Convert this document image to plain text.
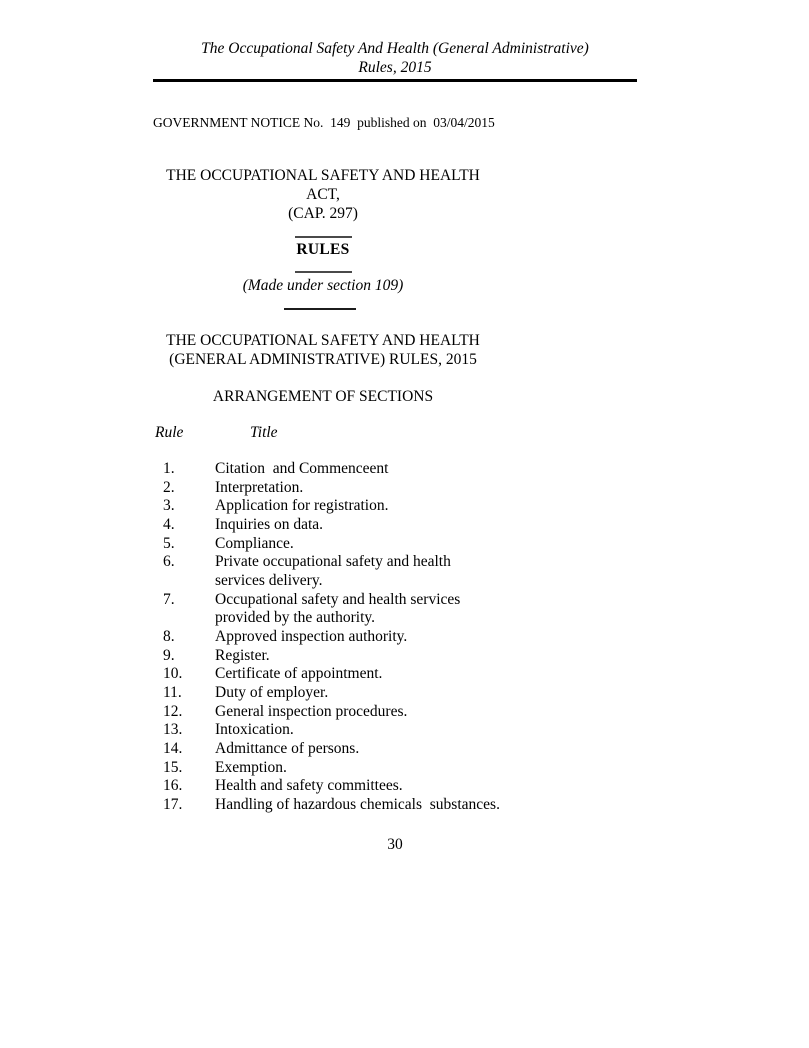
The Occupational Safety And Health (General Administrative)
Rules, 2015
GOVERNMENT NOTICE No.  149  published on  03/04/2015
THE OCCUPATIONAL SAFETY AND HEALTH
ACT,
(CAP. 297)
RULES
(Made under section 109)
THE OCCUPATIONAL SAFETY AND HEALTH
(GENERAL ADMINISTRATIVE) RULES, 2015
ARRANGEMENT OF SECTIONS
Rule	Title
1.	Citation  and Commenceent
2.	Interpretation.
3.	Application for registration.
4.	Inquiries on data.
5.	Compliance.
6.	Private occupational safety and health
services delivery.
7.	Occupational safety and health services
provided by the authority.
8.	Approved inspection authority.
9.	Register.
10.	Certificate of appointment.
11.	Duty of employer.
12.	General inspection procedures.
13.	Intoxication.
14.	Admittance of persons.
15.	Exemption.
16.	Health and safety committees.
17.	Handling of hazardous chemicals  substances.
30
